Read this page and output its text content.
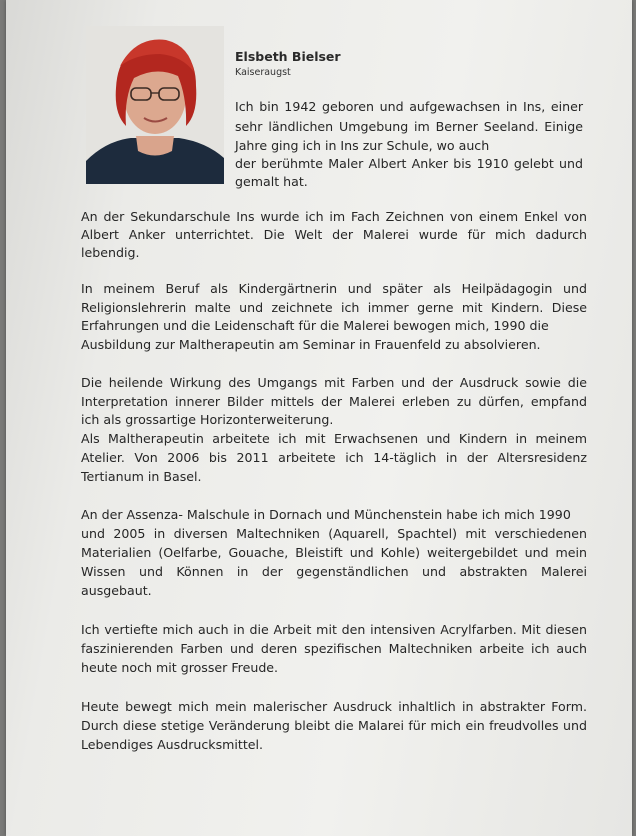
Elsbeth Bielser
Kaiseraugst
Ich bin 1942 geboren und aufgewachsen in Ins, einer
sehr ländlichen Umgebung im Berner Seeland. Einige
Jahre ging ich in Ins zur Schule, wo auch
der berühmte Maler Albert Anker bis 1910 gelebt und
gemalt hat.
An der Sekundarschule Ins wurde ich im Fach Zeichnen von einem Enkel von
Albert Anker unterrichtet. Die Welt der Malerei wurde für mich dadurch
lebendig.
In meinem Beruf als Kindergärtnerin und später als Heilpädagogin und
Religionslehrerin malte und zeichnete ich immer gerne mit Kindern. Diese
Erfahrungen und die Leidenschaft für die Malerei bewogen mich, 1990 die
Ausbildung zur Maltherapeutin am Seminar in Frauenfeld zu absolvieren.
Die heilende Wirkung des Umgangs mit Farben und der Ausdruck sowie die
Interpretation innerer Bilder mittels der Malerei erleben zu dürfen, empfand
ich als grossartige Horizonterweiterung.
Als Maltherapeutin arbeitete ich mit Erwachsenen und Kindern in meinem
Atelier. Von 2006 bis 2011 arbeitete ich 14-täglich in der Altersresidenz
Tertianum in Basel.
An der Assenza- Malschule in Dornach und Münchenstein habe ich mich 1990
und 2005 in diversen Maltechniken (Aquarell, Spachtel) mit verschiedenen
Materialien (Oelfarbe, Gouache, Bleistift und Kohle) weitergebildet und mein
Wissen und Können in der gegenständlichen und abstrakten Malerei
ausgebaut.
Ich vertiefte mich auch in die Arbeit mit den intensiven Acrylfarben. Mit diesen
faszinierenden Farben und deren spezifischen Maltechniken arbeite ich auch
heute noch mit grosser Freude.
Heute bewegt mich mein malerischer Ausdruck inhaltlich in abstrakter Form.
Durch diese stetige Veränderung bleibt die Malarei für mich ein freudvolles und
Lebendiges Ausdrucksmittel.
